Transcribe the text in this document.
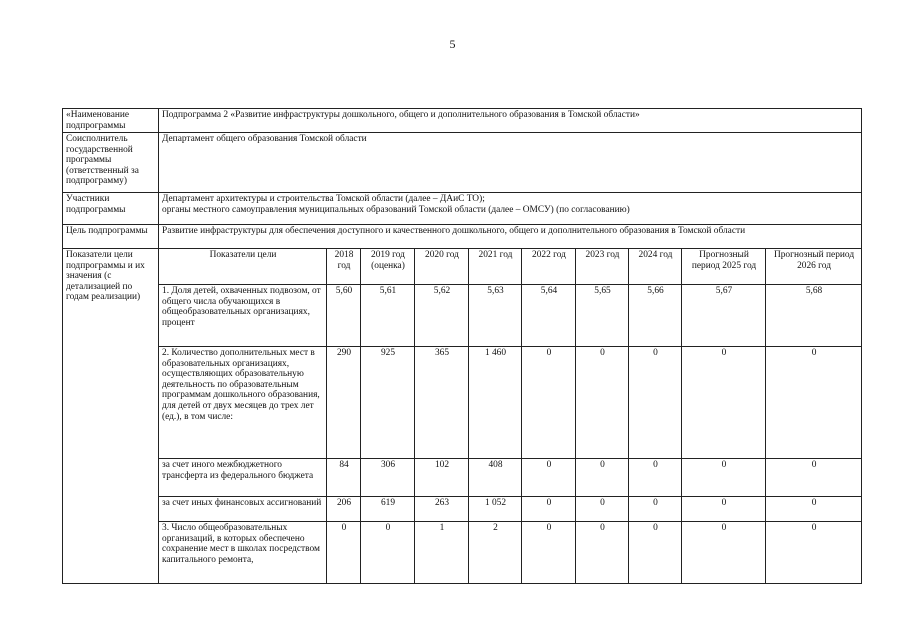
5
«Наименование подпрограммы	Подпрограмма 2 «Развитие инфраструктуры дошкольного, общего и дополнительного образования в Томской области»									
Соисполнитель государственной программы (ответственный за подпрограмму)	Департамент общего образования Томской области									
Участники подпрограммы	Департамент архитектуры и строительства Томской области (далее – ДАиС ТО);
органы местного самоуправления муниципальных образований Томской области (далее – ОМСУ) (по согласованию)									

Цель подпрограммы	Развитие инфраструктуры для обеспечения доступного и качественного дошкольного, общего и дополнительного образования в Томской области									
Показатели цели подпрограммы и их значения (с детализацией по годам реализации)	Показатели цели	2018 год	2019 год (оценка)	2020 год	2021 год	2022 год	2023 год	2024 год	Прогнозный период 2025 год	Прогнозный период 2026 год
	1. Доля детей, охваченных подвозом, от общего числа обучающихся в общеобразовательных организациях, процент	5,60	5,61	5,62	5,63	5,64	5,65	5,66	5,67	5,68
	2. Количество дополнительных мест в образовательных организациях, осуществляющих образовательную деятельность по образовательным программам дошкольного образования, для детей от двух месяцев до трех лет (ед.), в том числе:	290	925	365	1 460	0	0	0	0	0
	за счет иного межбюджетного трансферта из федерального бюджета	84	306	102	408	0	0	0	0	0
	за счет иных финансовых ассигнований	206	619	263	1 052	0	0	0	0	0
	3. Число общеобразовательных организаций, в которых обеспечено сохранение мест в школах посредством капитального ремонта,	0	0	1	2	0	0	0	0	0
